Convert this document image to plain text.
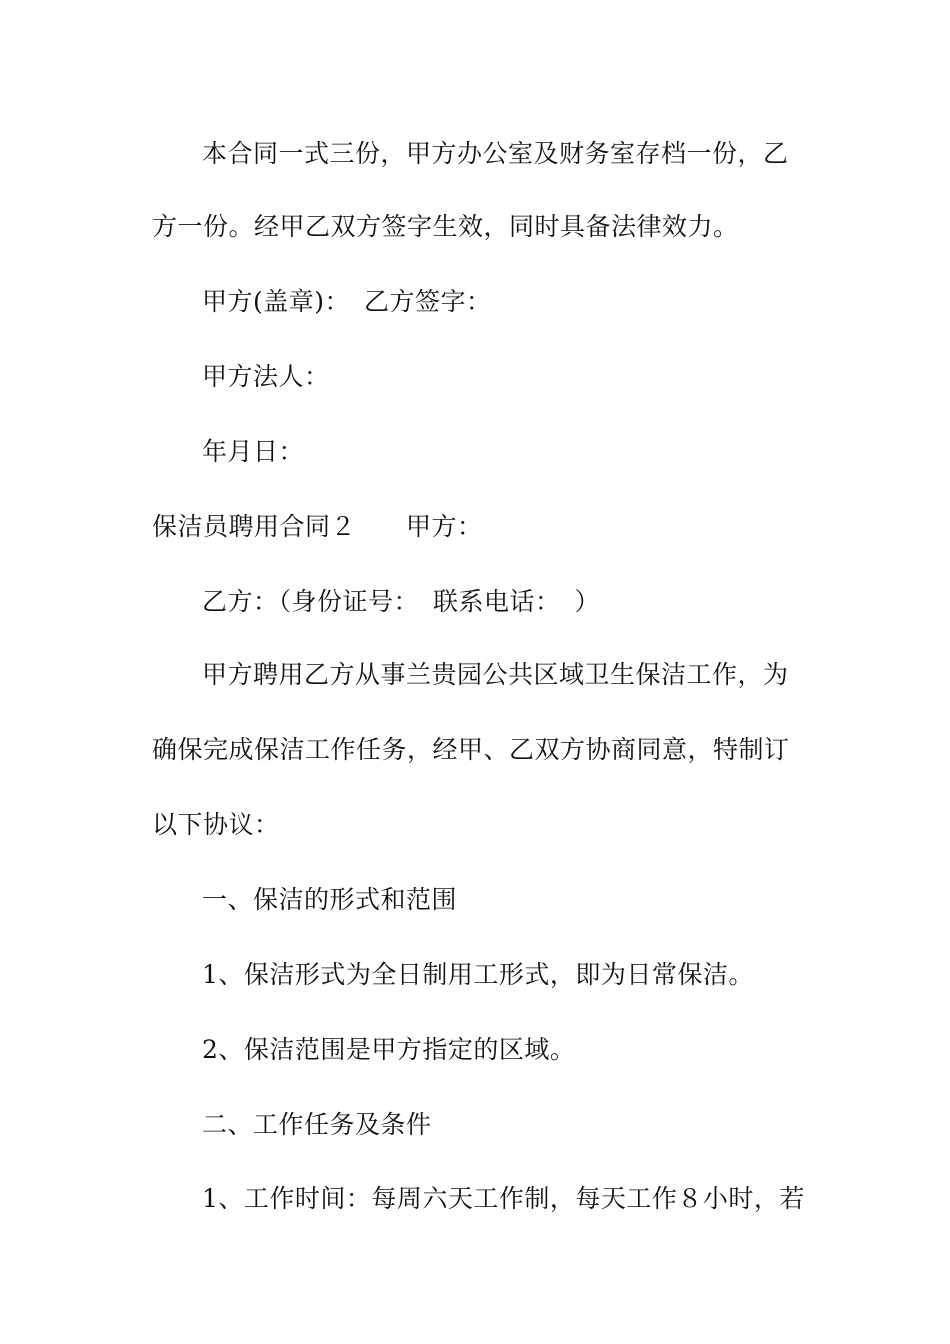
本合同一式三份，甲方办公室及财务室存档一份，乙
方一份。经甲乙双方签字生效，同时具备法律效力。
甲方(盖章)： 乙方签字：
甲方法人：
年月日：
保洁员聘用合同２ 甲方：
乙方：（身份证号： 联系电话： ）
甲方聘用乙方从事兰贵园公共区域卫生保洁工作，为
确保完成保洁工作任务，经甲、乙双方协商同意，特制订
以下协议：
一、保洁的形式和范围
1、保洁形式为全日制用工形式，即为日常保洁。
2、保洁范围是甲方指定的区域。
二、工作任务及条件
1、工作时间：每周六天工作制，每天工作８小时，若
